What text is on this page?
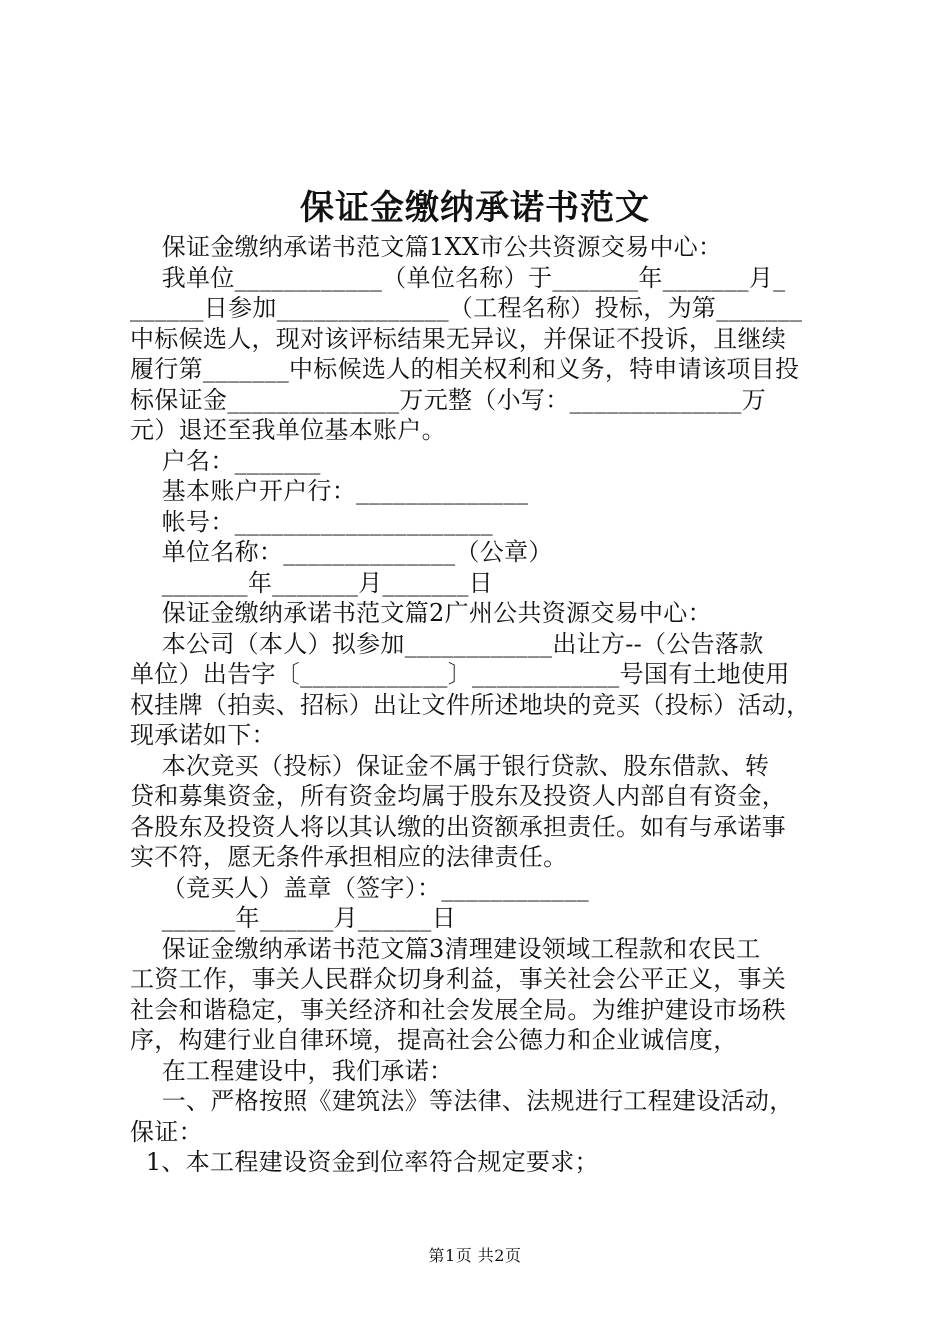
保证金缴纳承诺书范文
保证金缴纳承诺书范文篇1XX市公共资源交易中心：
我单位____________（单位名称）于_______年_______月_
______日参加______________（工程名称）投标，为第_______
中标候选人，现对该评标结果无异议，并保证不投诉，且继续
履行第_______中标候选人的相关权利和义务，特申请该项目投
标保证金______________万元整（小写：______________万
元）退还至我单位基本账户。
户名：_______
基本账户开户行：______________
帐号：_____________________
单位名称：______________（公章）
_______年_______月_______日
保证金缴纳承诺书范文篇2广州公共资源交易中心：
本公司（本人）拟参加____________出让方--（公告落款
单位）出告字〔____________〕____________号国有土地使用
权挂牌（拍卖、招标）出让文件所述地块的竞买（投标）活动，
现承诺如下：
本次竞买（投标）保证金不属于银行贷款、股东借款、转
贷和募集资金，所有资金均属于股东及投资人内部自有资金，
各股东及投资人将以其认缴的出资额承担责任。如有与承诺事
实不符，愿无条件承担相应的法律责任。
（竞买人）盖章（签字）：____________
______年______月______日
保证金缴纳承诺书范文篇3清理建设领域工程款和农民工
工资工作，事关人民群众切身利益，事关社会公平正义，事关
社会和谐稳定，事关经济和社会发展全局。为维护建设市场秩
序，构建行业自律环境，提高社会公德力和企业诚信度，
在工程建设中，我们承诺：
一、严格按照《建筑法》等法律、法规进行工程建设活动，
保证：
1、本工程建设资金到位率符合规定要求；
第1页 共2页
